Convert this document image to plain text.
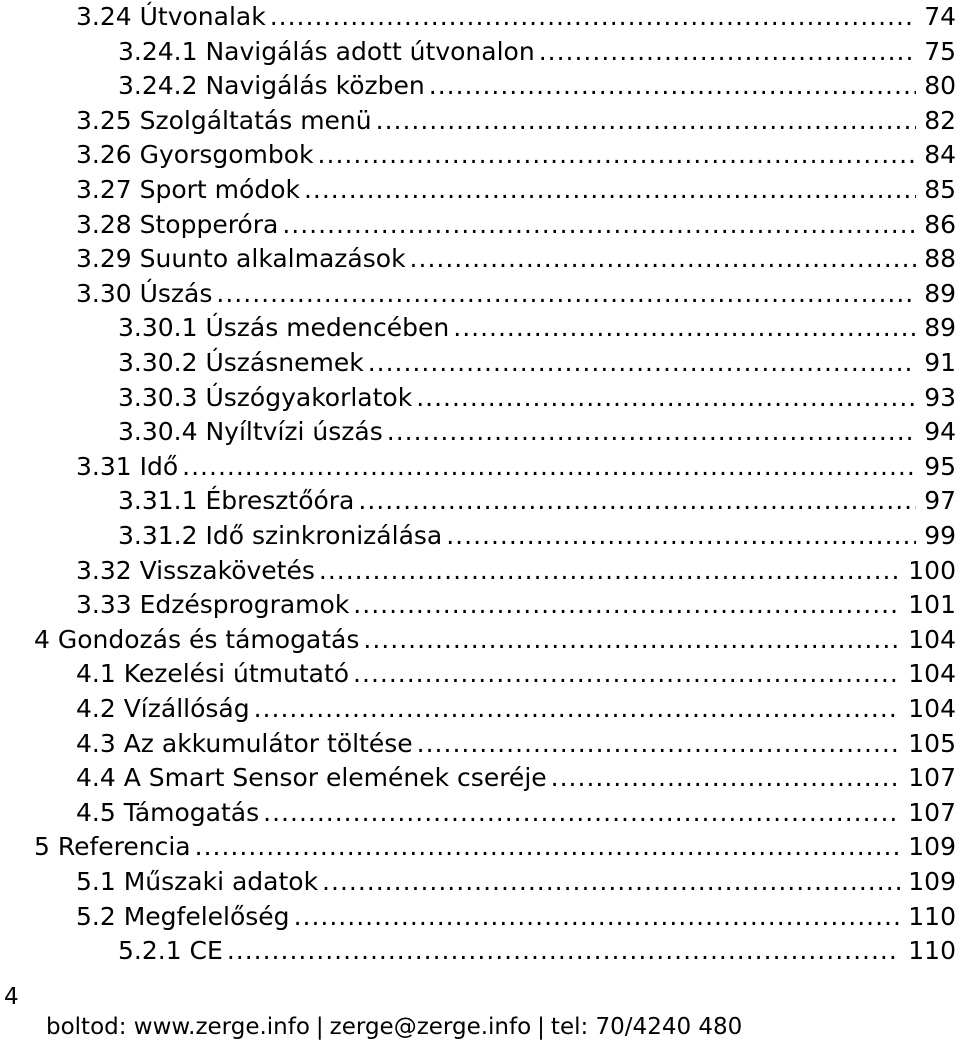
3.24 Útvonalak .....	74
3.24.1 Navigálás adott útvonalon .....	75
3.24.2 Navigálás közben .....	80
3.25 Szolgáltatás menü .....	82
3.26 Gyorsgombok .....	84
3.27 Sport módok .....	85
3.28 Stopperóra .....	86
3.29 Suunto alkalmazások .....	88
3.30 Úszás .....	89
3.30.1 Úszás medencében .....	89
3.30.2 Úszásnemek .....	91
3.30.3 Úszógyakorlatok .....	93
3.30.4 Nyíltvízi úszás .....	94
3.31 Idő .....	95
3.31.1 Ébresztőóra .....	97
3.31.2 Idő szinkronizálása .....	99
3.32 Visszakövetés .....	100
3.33 Edzésprogramok .....	101
4 Gondozás és támogatás .....	104
4.1 Kezelési útmutató .....	104
4.2 Vízállóság .....	104
4.3 Az akkumulátor töltése .....	105
4.4 A Smart Sensor elemének cseréje .....	107
4.5 Támogatás .....	107
5 Referencia .....	109
5.1 Műszaki adatok .....	109
5.2 Megfelelőség .....	110
5.2.1 CE .....	110
4
boltod: www.zerge.info | zerge@zerge.info | tel: 70/4240 480
